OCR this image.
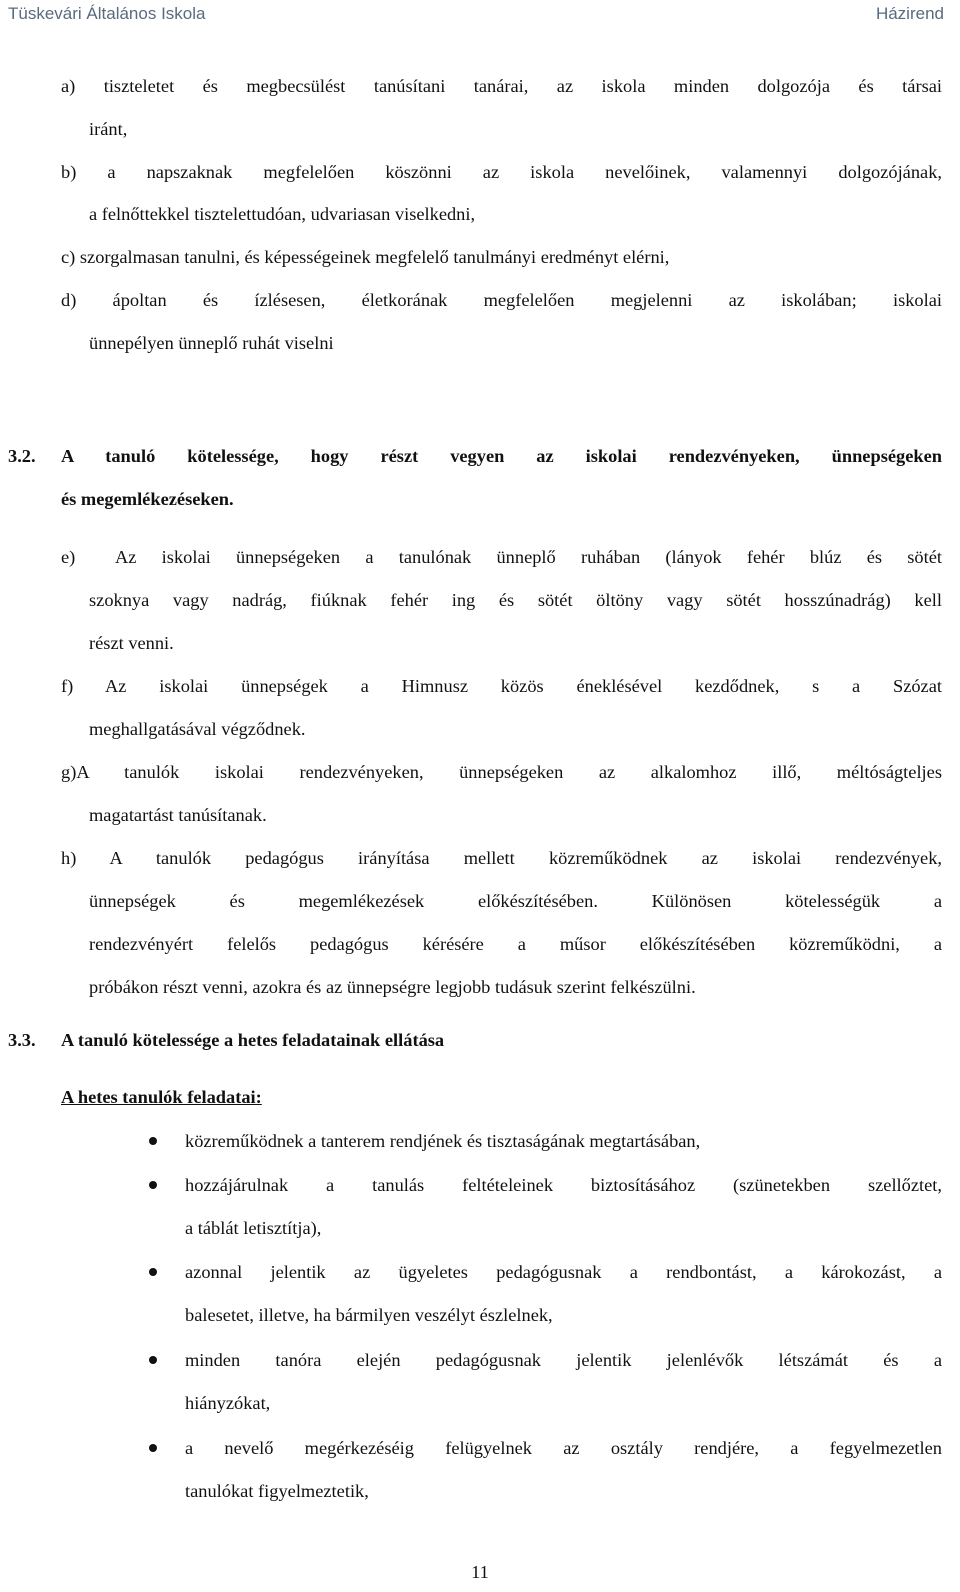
Tüskevári Általános Iskola	Házirend
a) tiszteletet és megbecsülést tanúsítani tanárai, az iskola minden dolgozója és társai
iránt,
b) a napszaknak megfelelően köszönni az iskola nevelőinek, valamennyi dolgozójának,
a felnőttekkel tisztelettudóan, udvariasan viselkedni,
c) szorgalmasan tanulni, és képességeinek megfelelő tanulmányi eredményt elérni,
d) ápoltan és ízlésesen, életkorának megfelelően megjelenni az iskolában; iskolai
ünnepélyen ünneplő ruhát viselni
3.2. A tanuló kötelessége, hogy részt vegyen az iskolai rendezvényeken, ünnepségeken
és megemlékezéseken.
e) Az iskolai ünnepségeken a tanulónak ünneplő ruhában (lányok fehér blúz és sötét
szoknya vagy nadrág, fiúknak fehér ing és sötét öltöny vagy sötét hosszúnadrág) kell
részt venni.
f) Az iskolai ünnepségek a Himnusz közös éneklésével kezdődnek, s a Szózat
meghallgatásával végződnek.
g)A tanulók iskolai rendezvényeken, ünnepségeken az alkalomhoz illő, méltóságteljes
magatartást tanúsítanak.
h) A tanulók pedagógus irányítása mellett közreműködnek az iskolai rendezvények,
ünnepségek és megemlékezések előkészítésében. Különösen kötelességük a
rendezvényért felelős pedagógus kérésére a műsor előkészítésében közreműködni, a
próbákon részt venni, azokra és az ünnepségre legjobb tudásuk szerint felkészülni.
3.3. A tanuló kötelessége a hetes feladatainak ellátása
A hetes tanulók feladatai:
közreműködnek a tanterem rendjének és tisztaságának megtartásában,
hozzájárulnak a tanulás feltételeinek biztosításához (szünetekben szellőztet,
a táblát letisztítja),
azonnal jelentik az ügyeletes pedagógusnak a rendbontást, a károkozást, a
balesetet, illetve, ha bármilyen veszélyt észlelnek,
minden tanóra elején pedagógusnak jelentik jelenlévők létszámát és a
hiányzókat,
a nevelő megérkezéséig felügyelnek az osztály rendjére, a fegyelmezetlen
tanulókat figyelmeztetik,
11
